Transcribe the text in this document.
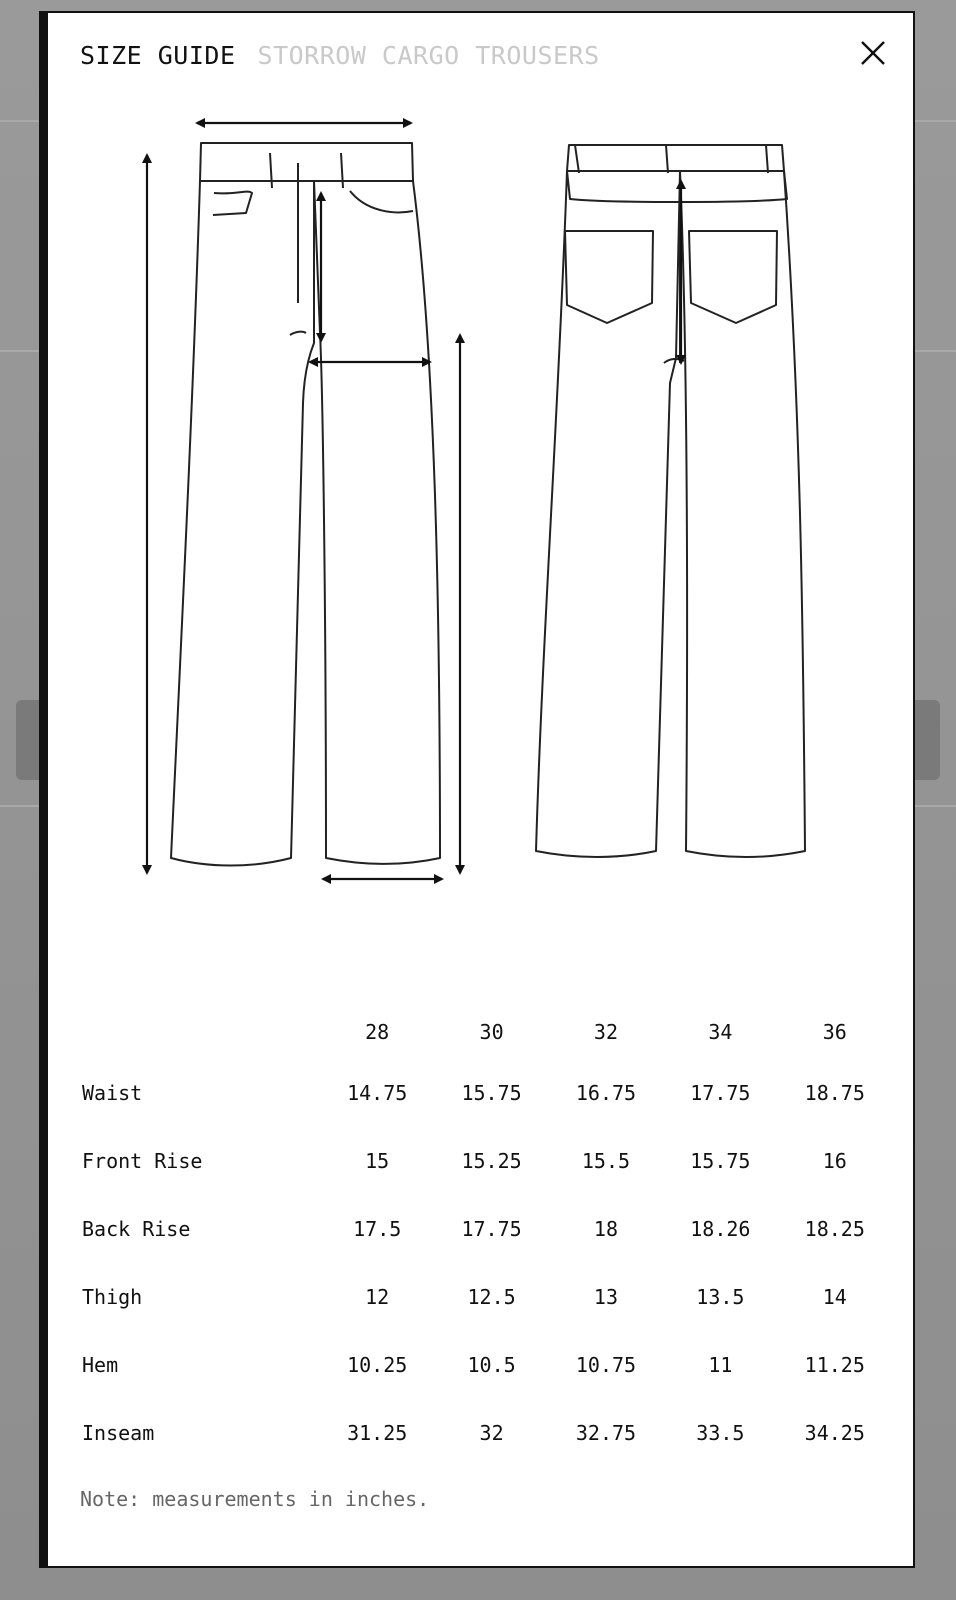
SIZE GUIDE STORROW CARGO TROUSERS
	28	30	32	34	36
Waist	14.75	15.75	16.75	17.75	18.75
Front Rise	15	15.25	15.5	15.75	16
Back Rise	17.5	17.75	18	18.26	18.25
Thigh	12	12.5	13	13.5	14
Hem	10.25	10.5	10.75	11	11.25
Inseam	31.25	32	32.75	33.5	34.25
Note: measurements in inches.
